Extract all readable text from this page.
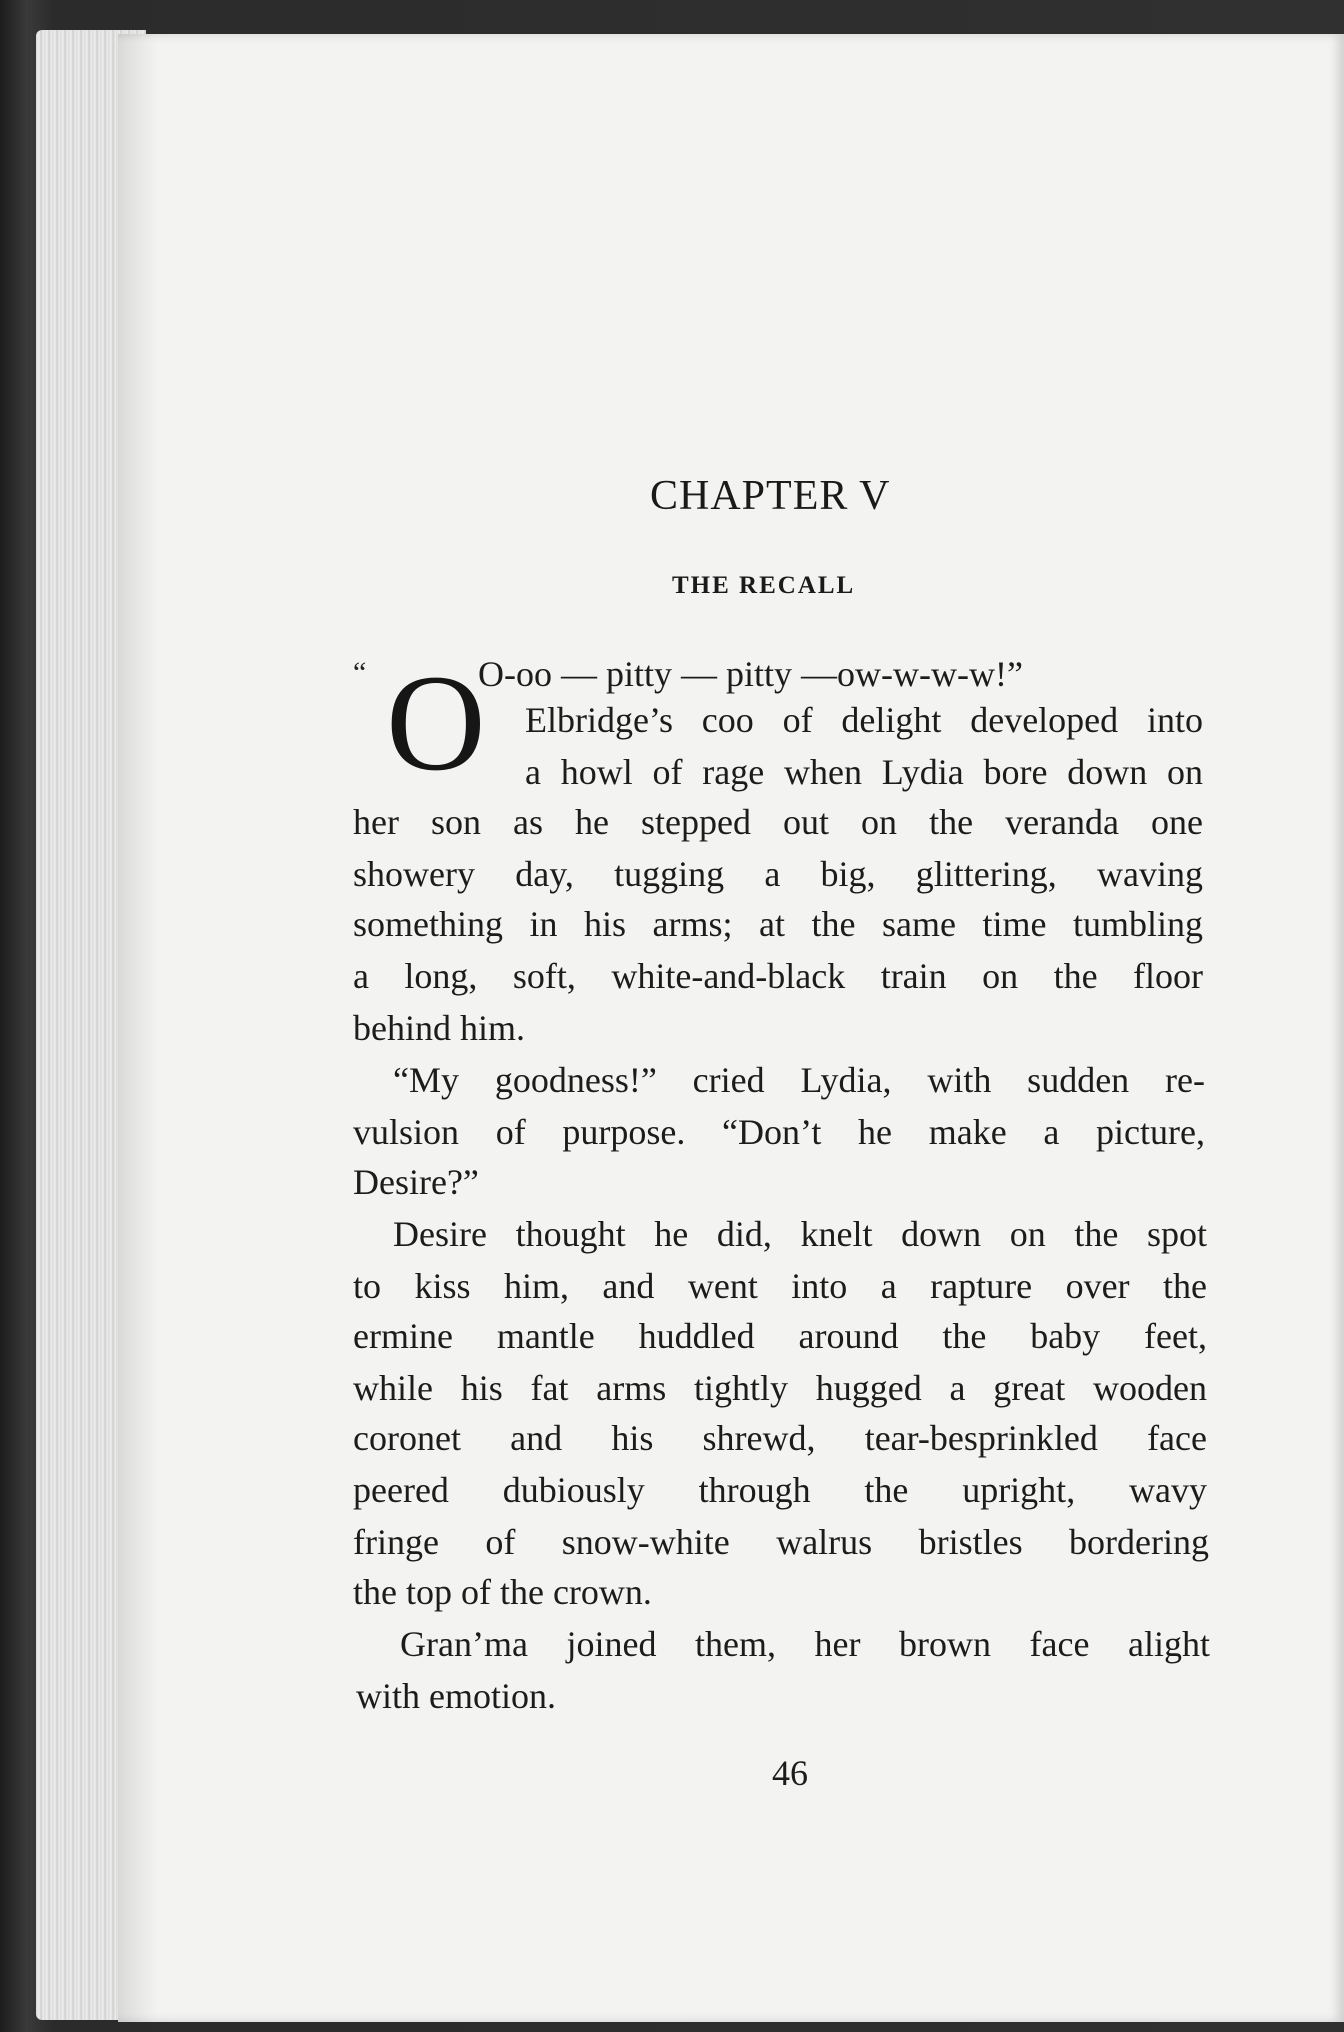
CHAPTER V
THE RECALL
“ O
O-oo — pitty — pitty —ow-w-w-w!”
Elbridge’s coo of delight developed into
a howl of rage when Lydia bore down on
her son as he stepped out on the veranda one
showery day, tugging a big, glittering, waving
something in his arms; at the same time tumbling
a long, soft, white-and-black train on the floor
behind him.
“My goodness!” cried Lydia, with sudden re-
vulsion of purpose. “Don’t he make a picture,
Desire?”
Desire thought he did, knelt down on the spot
to kiss him, and went into a rapture over the
ermine mantle huddled around the baby feet,
while his fat arms tightly hugged a great wooden
coronet and his shrewd, tear-besprinkled face
peered dubiously through the upright, wavy
fringe of snow-white walrus bristles bordering
the top of the crown.
Gran’ma joined them, her brown face alight
with emotion.
46
